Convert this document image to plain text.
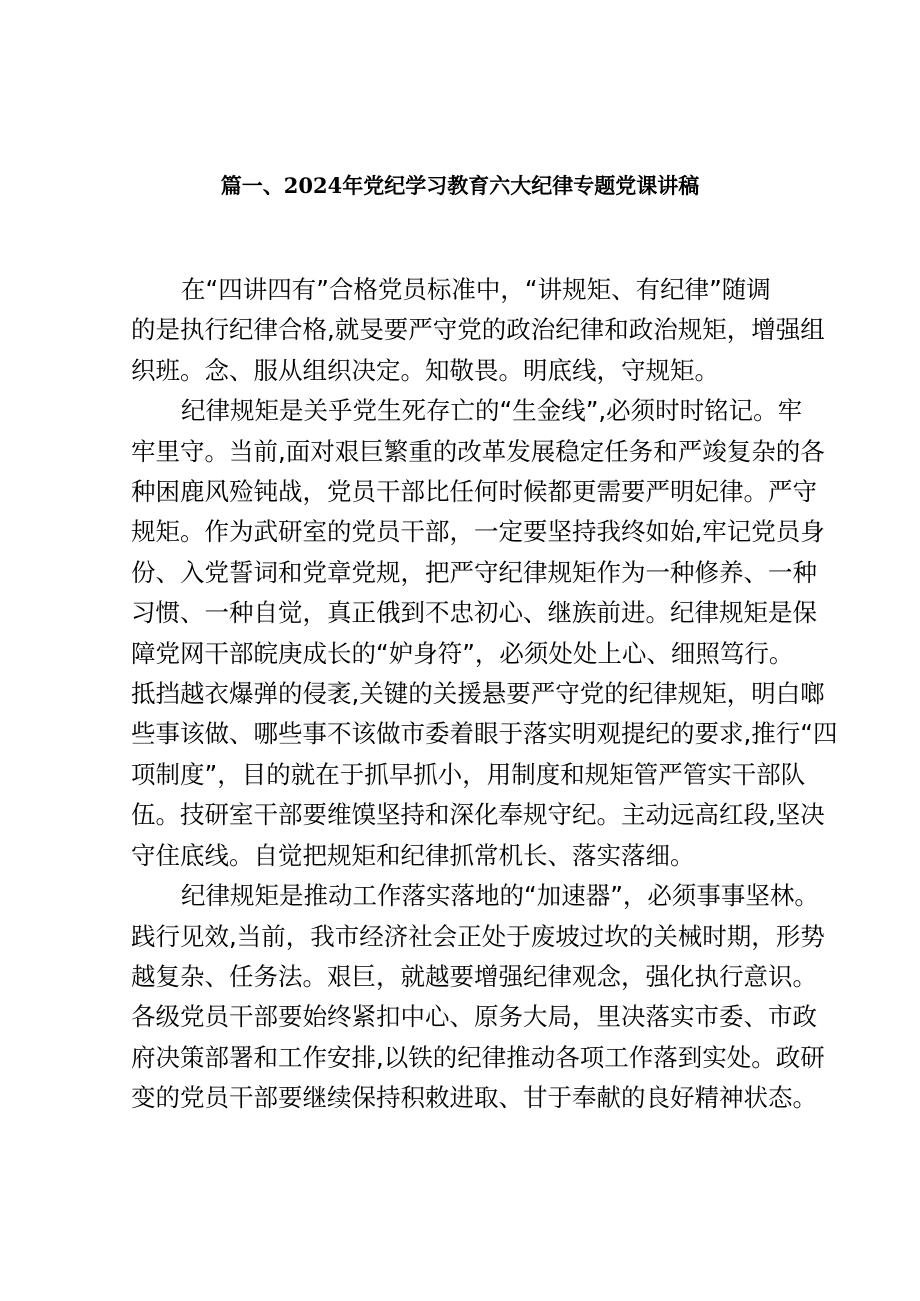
篇一、2024年党纪学习教育六大纪律专题党课讲稿

在“四讲四有”合格党员标准中，“讲规矩、有纪律”随调

的是执行纪律合格,就旻要严守党的政治纪律和政治规矩，增强组

织班。念、服从组织决定。知敬畏。明底线，守规矩。

纪律规矩是关乎党生死存亡的“生金线”,必须时时铭记。牢

牢里守。当前,面对艰巨繁重的改革发展稳定任务和严竣复杂的各

种困鹿风殓钝战，党员干部比任何时候都更需要严明妃律。严守

规矩。作为武研室的党员干部，一定要坚持我终如始,牢记党员身

份、入党誓词和党章党规，把严守纪律规矩作为一种修养、一种

习惯、一种自觉，真正俄到不忠初心、继族前进。纪律规矩是保

障党网干部皖庚成长的“妒身符”，必须处处上心、细照笃行。

抵挡越衣爆弹的侵袤,关键的关援悬要严守党的纪律规矩，明白啷

些事该做、哪些事不该做市委着眼于落实明观提纪的要求,推行“四

项制度”，目的就在于抓早抓小，用制度和规矩管严管实干部队

伍。技研室干部要维馍坚持和深化奉规守纪。主动远高红段,坚决

守住底线。自觉把规矩和纪律抓常机长、落实落细。

纪律规矩是推动工作落实落地的“加速器”，必须事事坚林。

践行见效,当前，我市经济社会正处于废坡过坎的关械时期，形势

越复杂、任务法。艰巨，就越要增强纪律观念，强化执行意识。

各级党员干部要始终紧扣中心、原务大局，里决落实市委、市政

府决策部署和工作安排,以铁的纪律推动各项工作落到实处。政研

变的党员干部要继续保持积敕进取、甘于奉献的良好精神状态。
